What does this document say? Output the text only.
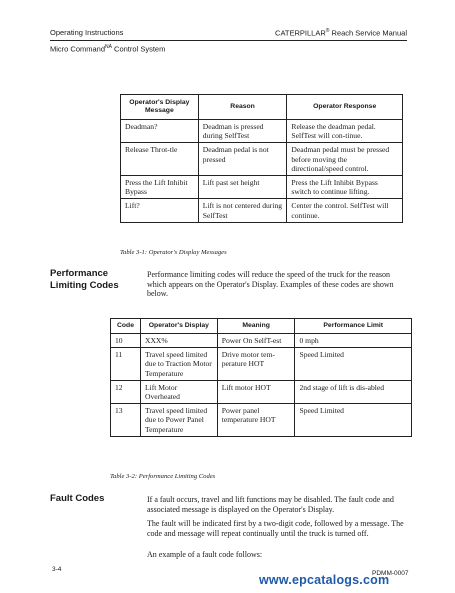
Operating Instructions	CATERPILLAR® Reach Service Manual
Micro Command$^{NA}$ Control System
Operator's Display Message	Reason	Operator Response
Deadman?	Deadman is pressed during SelfTest	Release the deadman pedal. SelfTest will con-tinue.
Release Throt-tle	Deadman pedal is not pressed	Deadman pedal must be pressed before moving the directional/speed control.
Press the Lift Inhibit Bypass	Lift past set height	Press the Lift Inhibit Bypass switch to continue lifting.
Lift?	Lift is not centered during SelfTest	Center the control. SelfTest will continue.
Table 3-1: Operator's Display Messages
Performance Limiting Codes

Performance limiting codes will reduce the speed of the truck for the reason which appears on the Operator's Display. Examples of these codes are shown below.

Code	Operator's Display	Meaning	Performance Limit
10	XXX%	Power On SelfT-est	0 mph
11	Travel speed limited due to Traction Motor Temperature	Drive motor tem-perature HOT	Speed Limited
12	Lift Motor Overheated	Lift motor HOT	2nd stage of lift is dis-abled
13	Travel speed limited due to Power Panel Temperature	Power panel temperature HOT	Speed Limited
Table 3-2: Performance Limiting Codes
Fault Codes	If a fault occurs, travel and lift functions may be disabled. The fault code and associated message is displayed on the Operator's Display.

The fault will be indicated first by a two-digit code, followed by a message. The code and message will repeat continually until the truck is turned off.

An example of a fault code follows:

3-4
PDMM-0007
www.epcatalogs.com
